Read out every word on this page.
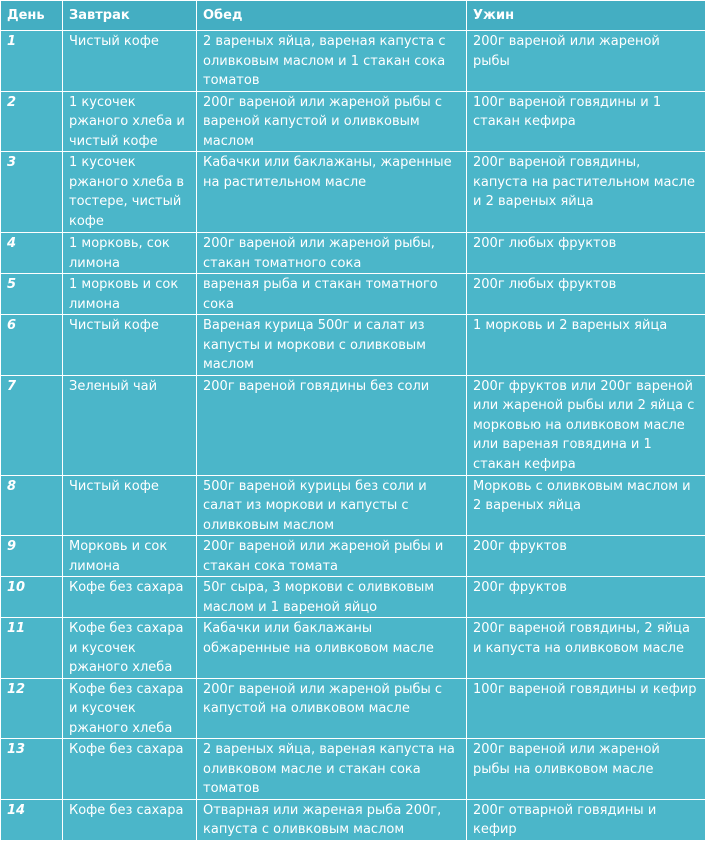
День	Завтрак	Обед	Ужин
1	Чистый кофе	2 вареных яйца, вареная капуста с оливковым маслом и 1 стакан сока томатов	200г вареной или жареной рыбы
2	1 кусочек ржаного хлеба и чистый кофе	200г вареной или жареной рыбы с вареной капустой и оливковым маслом	100г вареной говядины и 1 стакан кефира
3	1 кусочек ржаного хлеба в тостере, чистый кофе	Кабачки или баклажаны, жаренные на растительном масле	200г вареной говядины, капуста на растительном масле и 2 вареных яйца
4	1 морковь, сок лимона	200г вареной или жареной рыбы, стакан томатного сока	200г любых фруктов
5	1 морковь и сок лимона	вареная рыба и стакан томатного сока	200г любых фруктов
6	Чистый кофе	Вареная курица 500г и салат из капусты и моркови с оливковым маслом	1 морковь и 2 вареных яйца
7	Зеленый чай	200г вареной говядины без соли	200г фруктов или 200г вареной или жареной рыбы или 2 яйца с морковью на оливковом масле или вареная говядина и 1 стакан кефира
8	Чистый кофе	500г вареной курицы без соли и салат из моркови и капусты с оливковым маслом	Морковь с оливковым маслом и 2 вареных яйца
9	Морковь и сок лимона	200г вареной или жареной рыбы и стакан сока томата	200г фруктов
10	Кофе без сахара	50г сыра, 3 моркови с оливковым маслом и 1 вареной яйцо	200г фруктов
11	Кофе без сахара и кусочек ржаного хлеба	Кабачки или баклажаны обжаренные на оливковом масле	200г вареной говядины, 2 яйца и капуста на оливковом масле
12	Кофе без сахара и кусочек ржаного хлеба	200г вареной или жареной рыбы с капустой на оливковом масле	100г вареной говядины и кефир
13	Кофе без сахара	2 вареных яйца, вареная капуста на оливковом масле и стакан сока томатов	200г вареной или жареной рыбы на оливковом масле
14	Кофе без сахара	Отварная или жареная рыба 200г, капуста с оливковым маслом	200г отварной говядины и кефир
